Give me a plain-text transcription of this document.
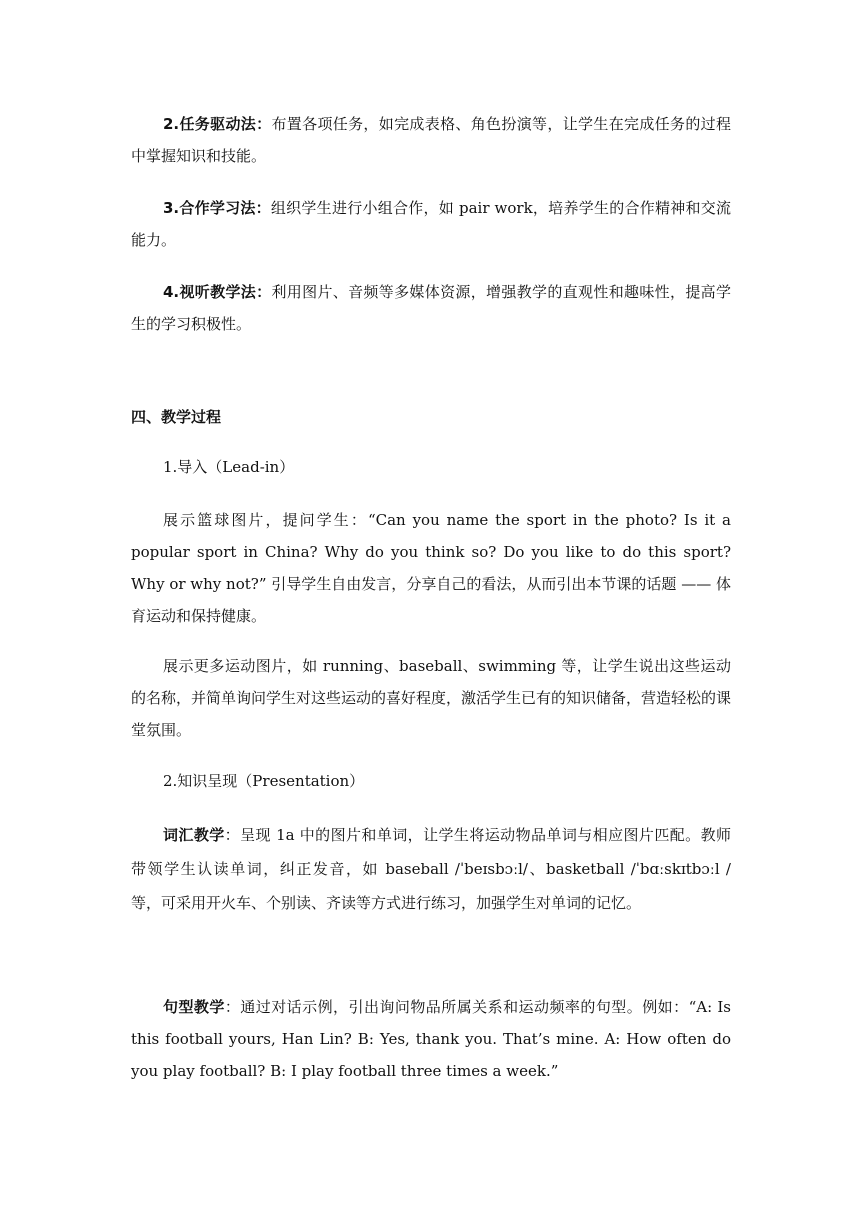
2.任务驱动法：布置各项任务，如完成表格、角色扮演等，让学生在完成任务的过程中掌握知识和技能。

3.合作学习法：组织学生进行小组合作，如 pair work，培养学生的合作精神和交流能力。

4.视听教学法：利用图片、音频等多媒体资源，增强教学的直观性和趣味性，提高学生的学习积极性。

四、教学过程

1.导入（Lead-in）

展示篮球图片，提问学生：“Can you name the sport in the photo? Is it a popular sport in China? Why do you think so? Do you like to do this sport? Why or why not?” 引导学生自由发言，分享自己的看法，从而引出本节课的话题 —— 体育运动和保持健康。

展示更多运动图片，如 running、baseball、swimming 等，让学生说出这些运动的名称，并简单询问学生对这些运动的喜好程度，激活学生已有的知识储备，营造轻松的课堂氛围。

2.知识呈现（Presentation）

词汇教学：呈现 1a 中的图片和单词，让学生将运动物品单词与相应图片匹配。教师带领学生认读单词，纠正发音，如 baseball /ˈbeɪsbɔːl/、basketball /ˈbɑːskɪtbɔːl / 等，可采用开火车、个别读、齐读等方式进行练习，加强学生对单词的记忆。

句型教学：通过对话示例，引出询问物品所属关系和运动频率的句型。例如：“A: Is this football yours, Han Lin? B: Yes, thank you. That’s mine. A: How often do you play football? B: I play football three times a week.”
